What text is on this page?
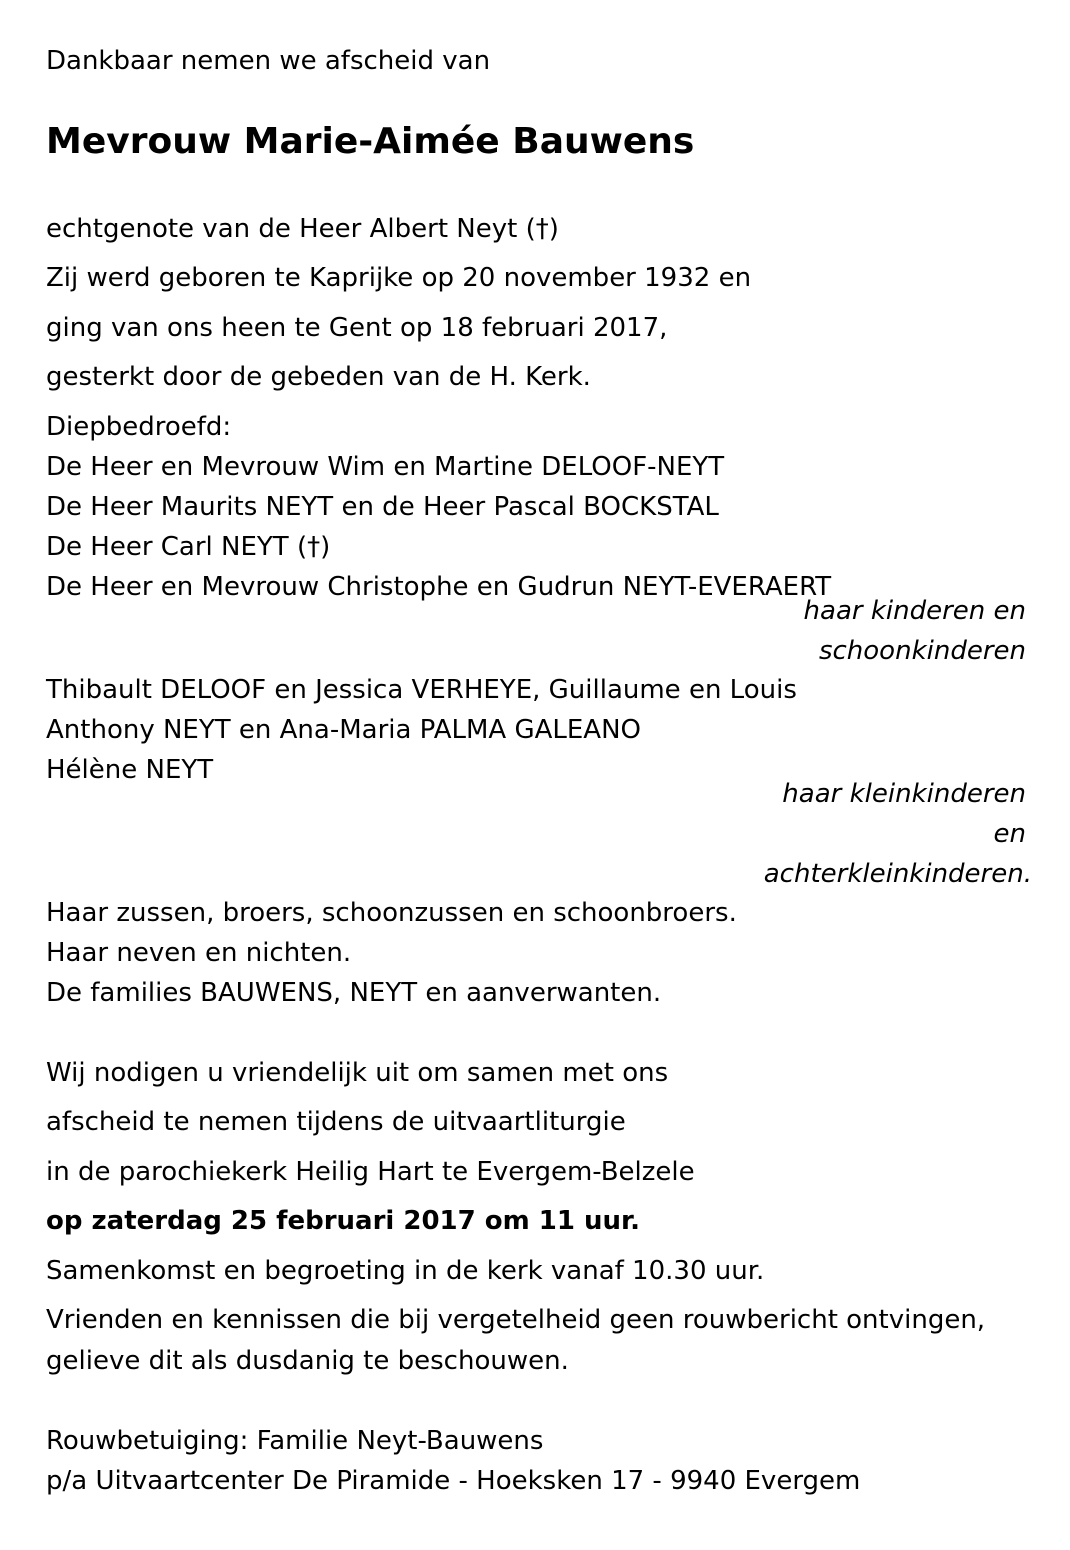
Dankbaar nemen we afscheid van
Mevrouw Marie-Aimée Bauwens
echtgenote van de Heer Albert Neyt (†)
Zij werd geboren te Kaprijke op 20 november 1932 en
ging van ons heen te Gent op 18 februari 2017,
gesterkt door de gebeden van de H. Kerk.
Diepbedroefd:
De Heer en Mevrouw Wim en Martine DELOOF-NEYT
De Heer Maurits NEYT en de Heer Pascal BOCKSTAL
De Heer Carl NEYT (†)
De Heer en Mevrouw Christophe en Gudrun NEYT-EVERAERT
haar kinderen en
schoonkinderen
Thibault DELOOF en Jessica VERHEYE, Guillaume en Louis
Anthony NEYT en Ana-Maria PALMA GALEANO
Hélène NEYT
haar kleinkinderen
en
achterkleinkinderen.
Haar zussen, broers, schoonzussen en schoonbroers.
Haar neven en nichten.
De families BAUWENS, NEYT en aanverwanten.
Wij nodigen u vriendelijk uit om samen met ons
afscheid te nemen tijdens de uitvaartliturgie
in de parochiekerk Heilig Hart te Evergem-Belzele
op zaterdag 25 februari 2017 om 11 uur.
Samenkomst en begroeting in de kerk vanaf 10.30 uur.
Vrienden en kennissen die bij vergetelheid geen rouwbericht ontvingen,
gelieve dit als dusdanig te beschouwen.
Rouwbetuiging: Familie Neyt-Bauwens
p/a Uitvaartcenter De Piramide - Hoeksken 17 - 9940 Evergem
